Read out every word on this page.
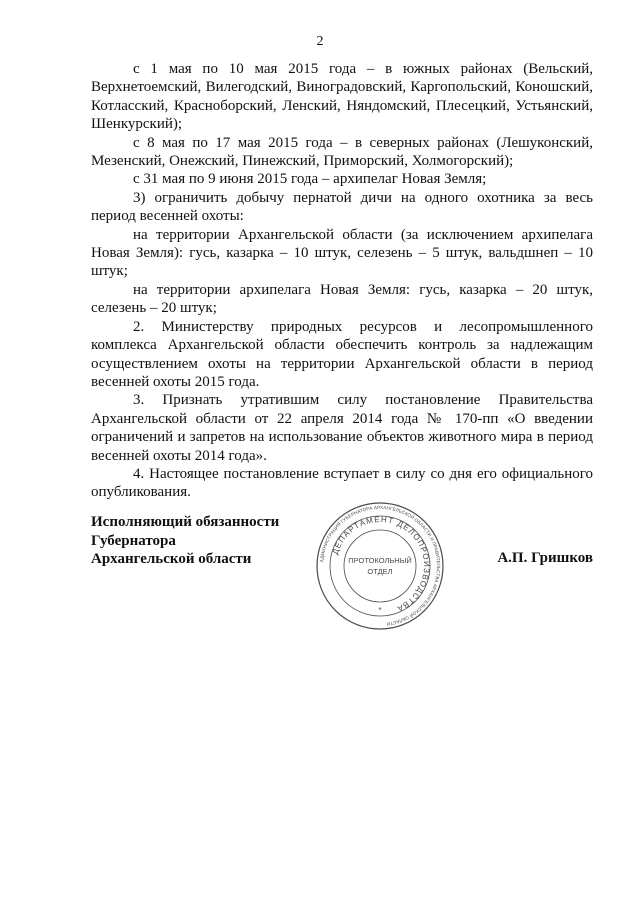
2

с 1 мая по 10 мая 2015 года – в южных районах (Вельский, Верхнетоемский, Вилегодский, Виноградовский, Каргопольский, Коношский, Котласский, Красноборский, Ленский, Няндомский, Плесецкий, Устьянский, Шенкурский);

с 8 мая по 17 мая 2015 года – в северных районах (Лешуконский, Мезенский, Онежский, Пинежский, Приморский, Холмогорский);

с 31 мая по 9 июня 2015 года – архипелаг Новая Земля;

3) ограничить добычу пернатой дичи на одного охотника за весь период весенней охоты:

на территории Архангельской области (за исключением архипелага Новая Земля): гусь, казарка – 10 штук, селезень – 5 штук, вальдшнеп – 10 штук;

на территории архипелага Новая Земля: гусь, казарка – 20 штук, селезень – 20 штук;

2. Министерству природных ресурсов и лесопромышленного комплекса Архангельской области обеспечить контроль за надлежащим осуществлением охоты на территории Архангельской области в период весенней охоты 2015 года.

3. Признать утратившим силу постановление Правительства Архангельской области от 22 апреля 2014 года № 170-пп «О введении ограничений и запретов на использование объектов животного мира в период весенней охоты 2014 года».

4. Настоящее постановление вступает в силу со дня его официального опубликования.

Исполняющий обязанности
Губернатора
Архангельской области	АДМИНИСТРАЦИЯ ГУБЕРНАТОРА АРХАНГЕЛЬСКОЙ ОБЛАСТИ И ПРАВИТЕЛЬСТВА АРХАНГЕЛЬСКОЙ ОБЛАСТИ
ДЕПАРТАМЕНТ ДЕЛОПРОИЗВОДСТВА
ПРОТОКОЛЬНЫЙ
ОТДЕЛ
*
А.П. Гришков
